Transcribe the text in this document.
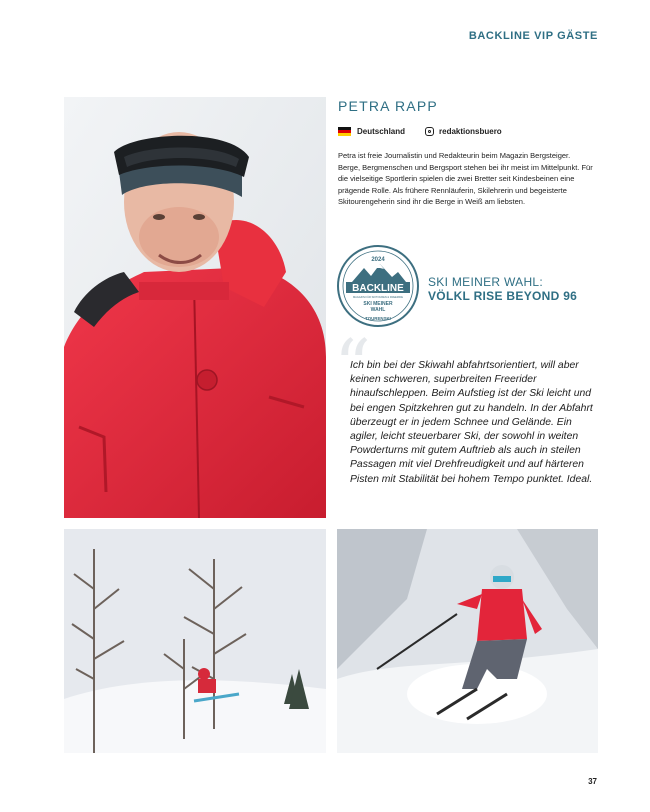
BACKLINE VIP GÄSTE
PETRA RAPP
Deutschland	redaktionsbuero

Petra ist freie Journalistin und Redakteurin beim Magazin Bergsteiger. Berge, Bergmenschen und Bergsport stehen bei ihr meist im Mittelpunkt. Für die vielseitige Sportlerin spielen die zwei Bretter seit Kindesbeinen eine prägende Rolle. Als frühere Rennläuferin, Skilehrerin und begeisterte Skitourengeherin sind ihr die Berge in Weiß am liebsten.

2024
BACKLINE
MAGAZIN FÜR SKITOUREN & FREERIDE
SKI MEINER
WAHL
TOURENSKI
SKI MEINER WAHL:
VÖLKL RISE BEYOND 96
“

Ich bin bei der Skiwahl abfahrtsorientiert, will aber keinen schweren, superbreiten Freerider hinaufschleppen. Beim Aufstieg ist der Ski leicht und bei engen Spitzkehren gut zu handeln. In der Abfahrt überzeugt er in jedem Schnee und Gelände. Ein agiler, leicht steuerbarer Ski, der sowohl in weiten Powderturns mit gutem Auftrieb als auch in steilen Passagen mit viel Drehfreudigkeit und auf härteren Pisten mit Stabilität bei hohem Tempo punktet. Ideal.

37
